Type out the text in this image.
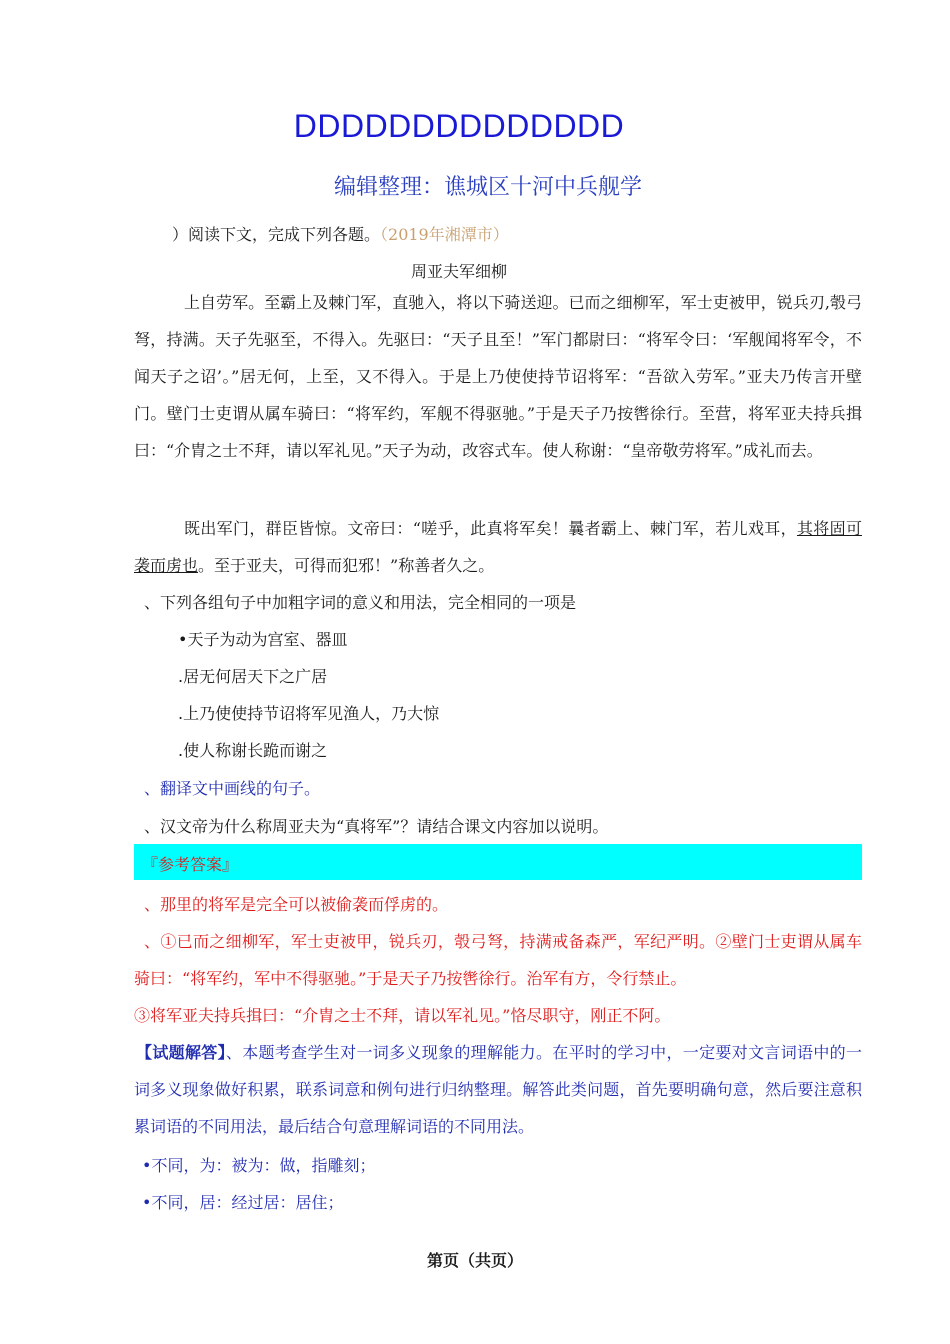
DDDDDDDDDDDDDD
编辑整理：谯城区十河中兵舰学
）阅读下文，完成下列各题。（2019年湘潭市）
周亚夫军细柳
上自劳军。至霸上及棘门军，直驰入，将以下骑送迎。已而之细柳军，军士吏被甲，锐兵刃,彀弓弩，持满。天子先驱至，不得入。先驱曰：“天子且至！”军门都尉曰：“将军令曰：‘军舰闻将军令，不闻天子之诏’。”居无何，上至，又不得入。于是上乃使使持节诏将军：“吾欲入劳军。”亚夫乃传言开壁门。壁门士吏谓从属车骑曰：“将军约，军舰不得驱驰。”于是天子乃按辔徐行。至营，将军亚夫持兵揖曰：“介胄之士不拜，请以军礼见。”天子为动，改容式车。使人称谢：“皇帝敬劳将军。”成礼而去。
既出军门，群臣皆惊。文帝曰：“嗟乎，此真将军矣！曩者霸上、棘门军，若儿戏耳，其将固可袭而虏也。至于亚夫，可得而犯邪！”称善者久之。
、下列各组句子中加粗字词的意义和用法，完全相同的一项是
•天子为动为宫室、器皿
.居无何居天下之广居
.上乃使使持节诏将军见渔人，乃大惊
.使人称谢长跪而谢之
、翻译文中画线的句子。
、汉文帝为什么称周亚夫为“真将军”？请结合课文内容加以说明。
『参考答案』
、那里的将军是完全可以被偷袭而俘虏的。
、①已而之细柳军，军士吏被甲，锐兵刃，彀弓弩，持满戒备森严，军纪严明。②壁门士吏谓从属车骑曰：“将军约，军中不得驱驰。”于是天子乃按辔徐行。治军有方，令行禁止。
③将军亚夫持兵揖曰：“介胄之士不拜，请以军礼见。”恪尽职守，刚正不阿。
【试题解答】、本题考查学生对一词多义现象的理解能力。在平时的学习中，一定要对文言词语中的一词多义现象做好积累，联系词意和例句进行归纳整理。解答此类问题，首先要明确句意，然后要注意积累词语的不同用法，最后结合句意理解词语的不同用法。
•不同，为：被为：做，指雕刻；
•不同，居：经过居：居住；
第页（共页）
